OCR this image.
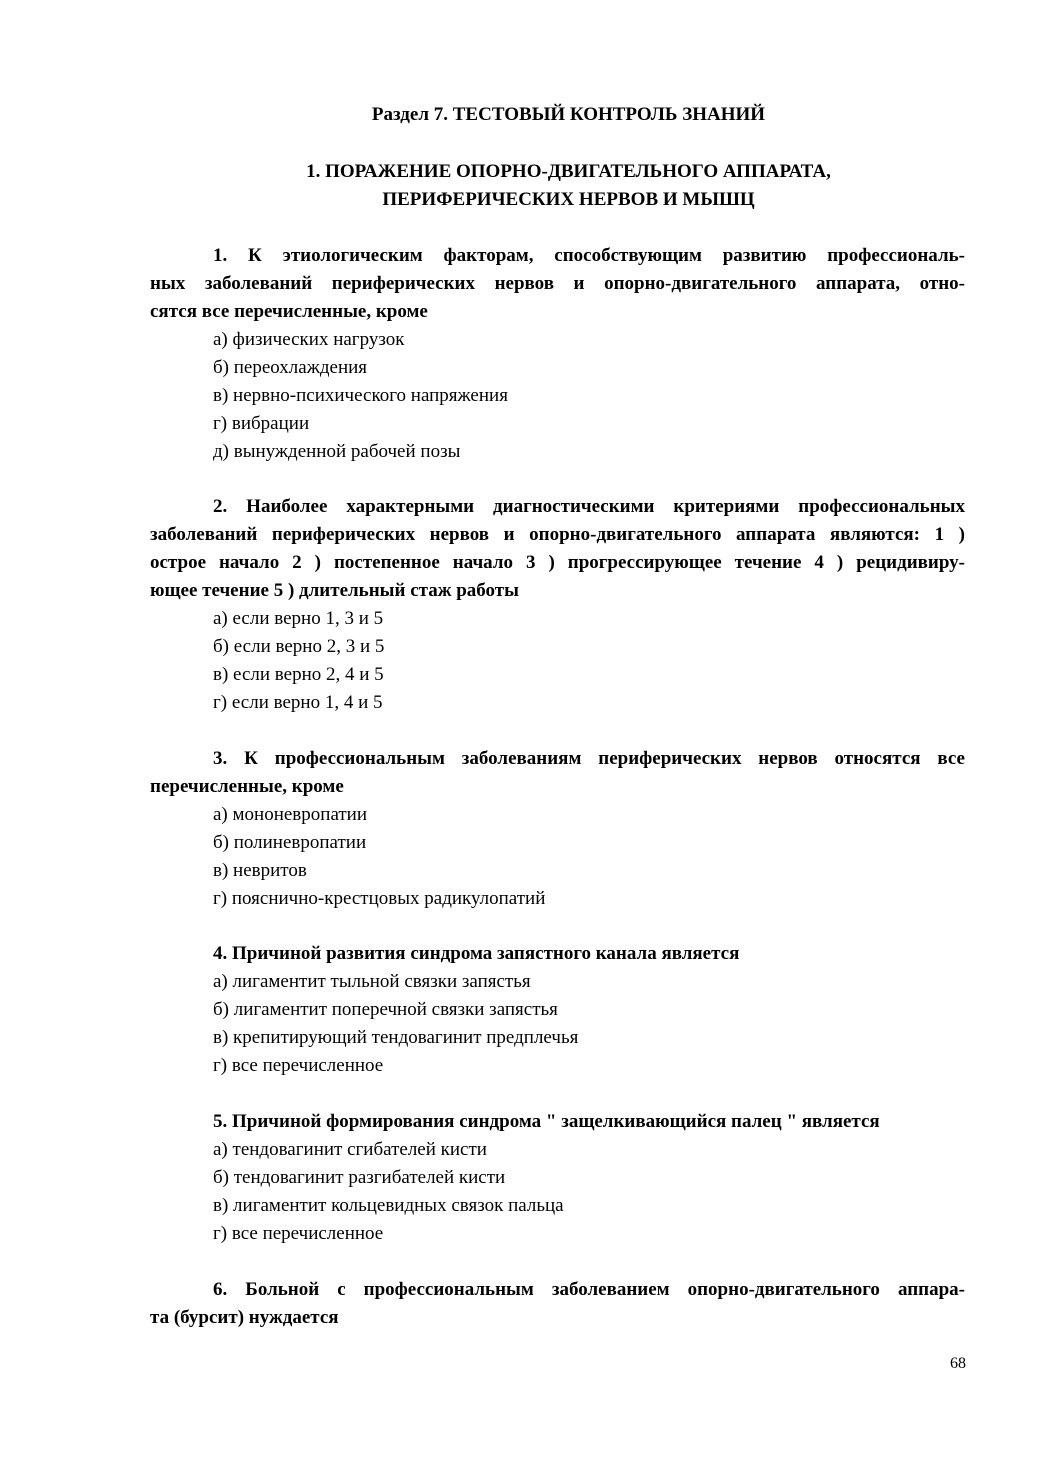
Раздел 7. ТЕСТОВЫЙ КОНТРОЛЬ ЗНАНИЙ
1. ПОРАЖЕНИЕ ОПОРНО-ДВИГАТЕЛЬНОГО АППАРАТА,
ПЕРИФЕРИЧЕСКИХ НЕРВОВ И МЫШЦ
1. К этиологическим факторам, способствующим развитию профессиональ-
ных заболеваний периферических нервов и опорно-двигательного аппарата, отно-
сятся все перечисленные, кроме
а) физических нагрузок
б) переохлаждения
в) нервно-психического напряжения
г) вибрации
д) вынужденной рабочей позы
2. Наиболее характерными диагностическими критериями профессиональных
заболеваний периферических нервов и опорно-двигательного аппарата являются: 1 )
острое начало 2 ) постепенное начало 3 ) прогрессирующее течение 4 ) рецидивиру-
ющее течение 5 ) длительный стаж работы
а) если верно 1, 3 и 5
б) если верно 2, 3 и 5
в) если верно 2, 4 и 5
г) если верно 1, 4 и 5
3. К профессиональным заболеваниям периферических нервов относятся все
перечисленные, кроме
а) мононевропатии
б) полиневропатии
в) невритов
г) пояснично-крестцовых радикулопатий
4. Причиной развития синдрома запястного канала является
а) лигаментит тыльной связки запястья
б) лигаментит поперечной связки запястья
в) крепитирующий тендовагинит предплечья
г) все перечисленное
5. Причиной формирования синдрома " защелкивающийся палец " является
а) тендовагинит сгибателей кисти
б) тендовагинит разгибателей кисти
в) лигаментит кольцевидных связок пальца
г) все перечисленное
6. Больной с профессиональным заболеванием опорно-двигательного аппара-
та (бурсит) нуждается
68
